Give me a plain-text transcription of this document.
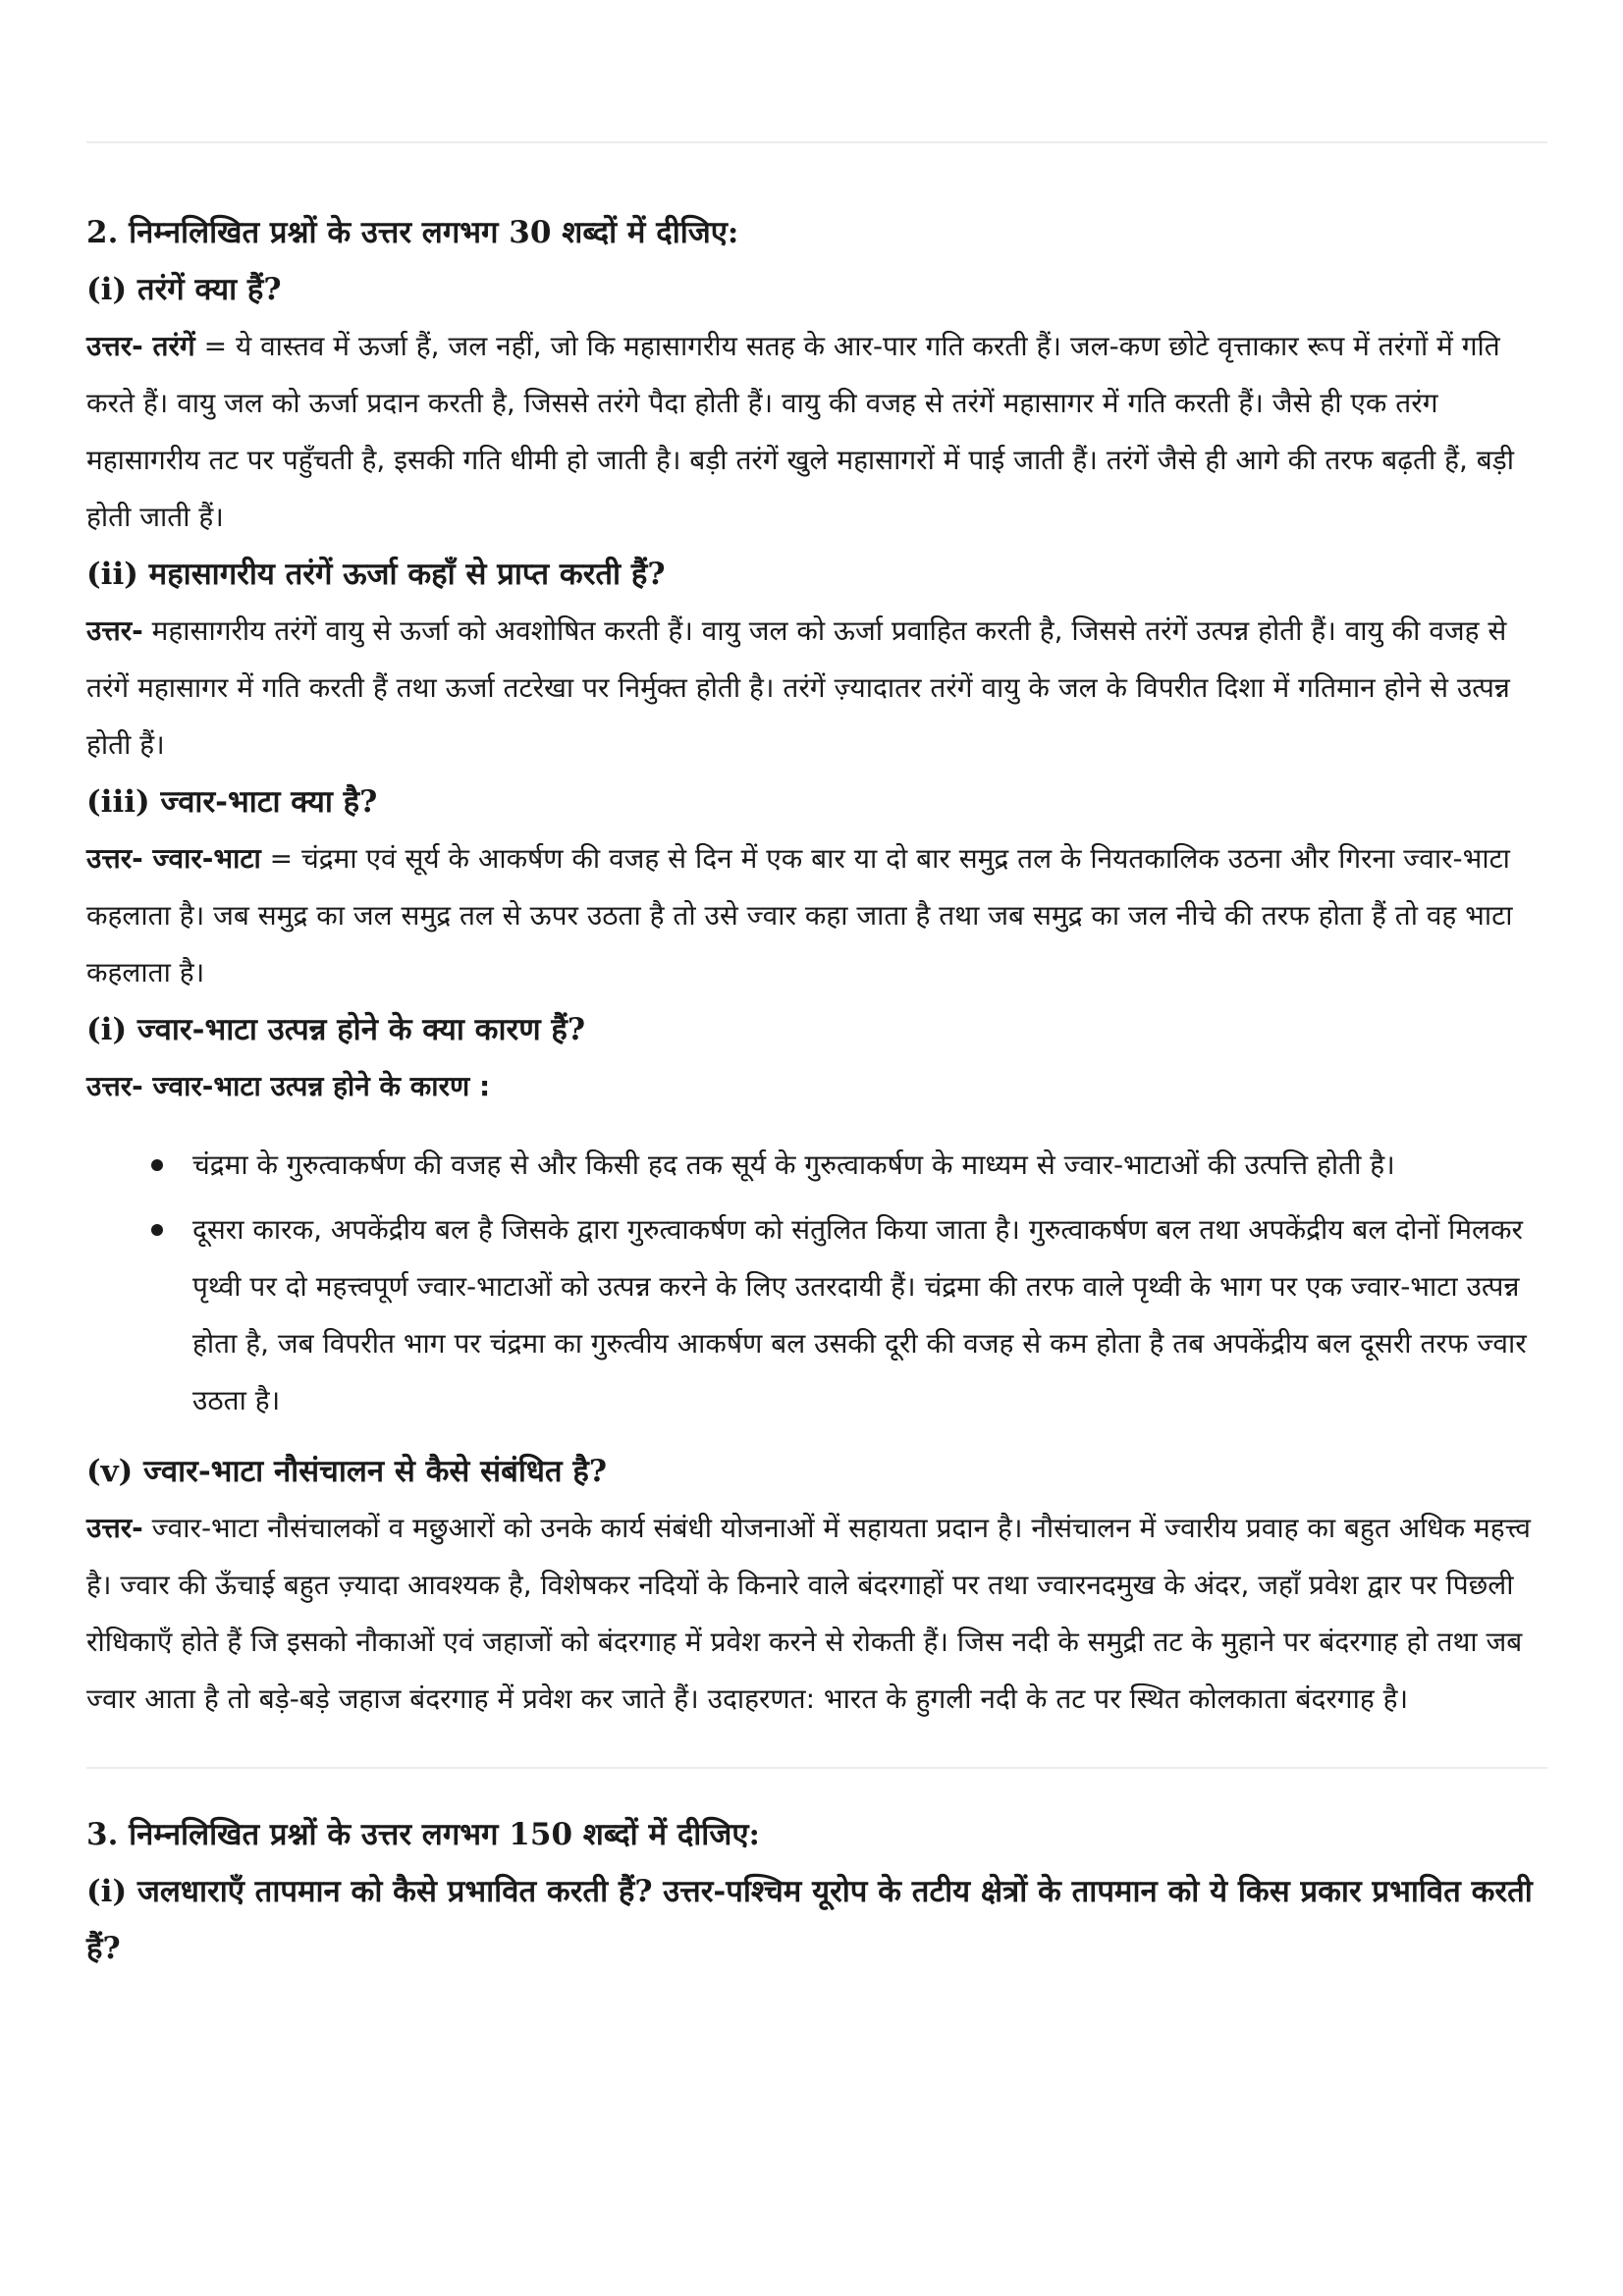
2. निम्नलिखित प्रश्नों के उत्तर लगभग 30 शब्दों में दीजिए:
(i) तरंगें क्या हैं?

उत्तर- तरंगें = ये वास्तव में ऊर्जा हैं, जल नहीं, जो कि महासागरीय सतह के आर-पार गति करती हैं। जल-कण छोटे वृत्ताकार रूप में तरंगों में गति करते हैं। वायु जल को ऊर्जा प्रदान करती है, जिससे तरंगे पैदा होती हैं। वायु की वजह से तरंगें महासागर में गति करती हैं। जैसे ही एक तरंग महासागरीय तट पर पहुँचती है, इसकी गति धीमी हो जाती है। बड़ी तरंगें खुले महासागरों में पाई जाती हैं। तरंगें जैसे ही आगे की तरफ बढ़ती हैं, बड़ी होती जाती हैं।

(ii) महासागरीय तरंगें ऊर्जा कहाँ से प्राप्त करती हैं?

उत्तर- महासागरीय तरंगें वायु से ऊर्जा को अवशोषित करती हैं। वायु जल को ऊर्जा प्रवाहित करती है, जिससे तरंगें उत्पन्न होती हैं। वायु की वजह से तरंगें महासागर में गति करती हैं तथा ऊर्जा तटरेखा पर निर्मुक्त होती है। तरंगें ज़्यादातर तरंगें वायु के जल के विपरीत दिशा में गतिमान होने से उत्पन्न होती हैं।

(iii) ज्वार-भाटा क्या है?

उत्तर- ज्वार-भाटा = चंद्रमा एवं सूर्य के आकर्षण की वजह से दिन में एक बार या दो बार समुद्र तल के नियतकालिक उठना और गिरना ज्वार-भाटा कहलाता है। जब समुद्र का जल समुद्र तल से ऊपर उठता है तो उसे ज्वार कहा जाता है तथा जब समुद्र का जल नीचे की तरफ होता हैं तो वह भाटा कहलाता है।

(i) ज्वार-भाटा उत्पन्न होने के क्या कारण हैं?

उत्तर- ज्वार-भाटा उत्पन्न होने के कारण :

चंद्रमा के गुरुत्वाकर्षण की वजह से और किसी हद तक सूर्य के गुरुत्वाकर्षण के माध्यम से ज्वार-भाटाओं की उत्पत्ति होती है।
दूसरा कारक, अपकेंद्रीय बल है जिसके द्वारा गुरुत्वाकर्षण को संतुलित किया जाता है। गुरुत्वाकर्षण बल तथा अपकेंद्रीय बल दोनों मिलकर पृथ्वी पर दो महत्त्वपूर्ण ज्वार-भाटाओं को उत्पन्न करने के लिए उतरदायी हैं। चंद्रमा की तरफ वाले पृथ्वी के भाग पर एक ज्वार-भाटा उत्पन्न होता है, जब विपरीत भाग पर चंद्रमा का गुरुत्वीय आकर्षण बल उसकी दूरी की वजह से कम होता है तब अपकेंद्रीय बल दूसरी तरफ ज्वार उठता है।
(v) ज्वार-भाटा नौसंचालन से कैसे संबंधित है?

उत्तर- ज्वार-भाटा नौसंचालकों व मछुआरों को उनके कार्य संबंधी योजनाओं में सहायता प्रदान है। नौसंचालन में ज्वारीय प्रवाह का बहुत अधिक महत्त्व है। ज्वार की ऊँचाई बहुत ज़्यादा आवश्यक है, विशेषकर नदियों के किनारे वाले बंदरगाहों पर तथा ज्वारनदमुख के अंदर, जहाँ प्रवेश द्वार पर पिछली रोधिकाएँ होते हैं जि इसको नौकाओं एवं जहाजों को बंदरगाह में प्रवेश करने से रोकती हैं। जिस नदी के समुद्री तट के मुहाने पर बंदरगाह हो तथा जब ज्वार आता है तो बड़े-बड़े जहाज बंदरगाह में प्रवेश कर जाते हैं। उदाहरणत: भारत के हुगली नदी के तट पर स्थित कोलकाता बंदरगाह है।

3. निम्नलिखित प्रश्नों के उत्तर लगभग 150 शब्दों में दीजिए:
(i) जलधाराएँ तापमान को कैसे प्रभावित करती हैं? उत्तर-पश्चिम यूरोप के तटीय क्षेत्रों के तापमान को ये किस प्रकार प्रभावित करती हैं?
